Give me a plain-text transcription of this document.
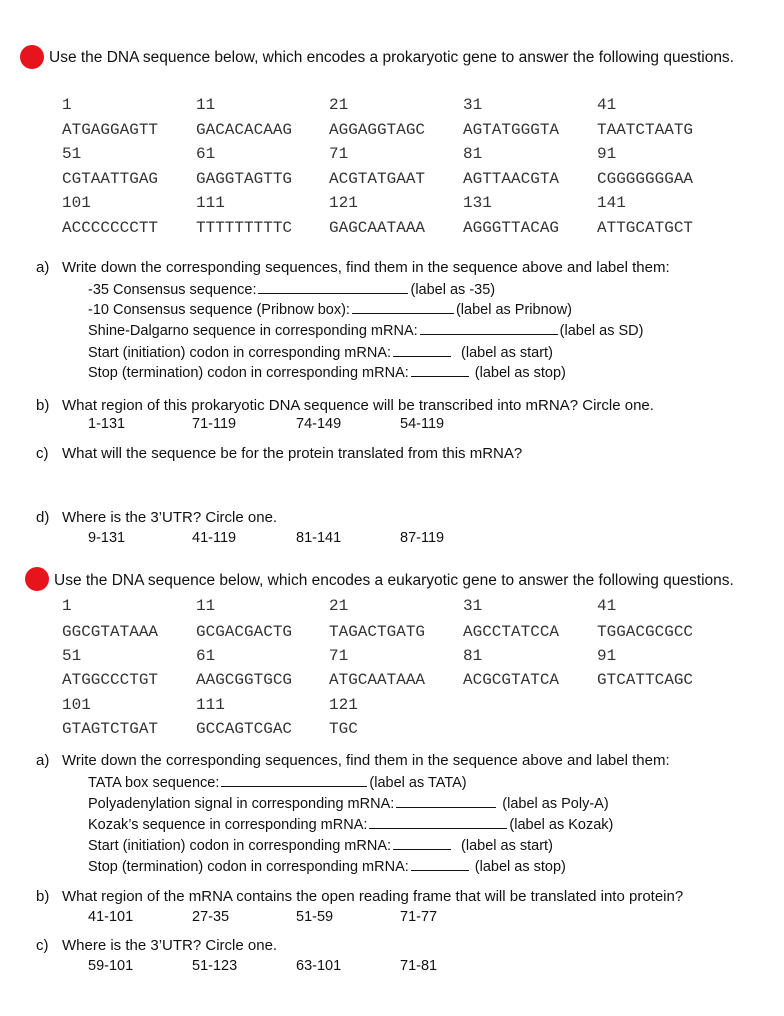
Use the DNA sequence below, which encodes a prokaryotic gene to answer the following questions.
1	11	21	31	41
ATGAGGAGTT GACACACAAG AGGAGGTAGC AGTATGGGTA TAATCTAATG
51	61	71	81	91
CGTAATTGAG GAGGTAGTTG ACGTATGAAT AGTTAACGTA CGGGGGGGAA
101	111	121	131	141
ACCCCCCCTT TTTTTTTTTC GAGCAATAAA AGGGTTACAG ATTGCATGCT
a) Write down the corresponding sequences, find them in the sequence above and label them:
-35 Consensus sequence:	(label as -35)
-10 Consensus sequence (Pribnow box):	(label as Pribnow)
Shine-Dalgarno sequence in corresponding mRNA:	(label as SD)
Start (initiation) codon in corresponding mRNA:	(label as start)
Stop (termination) codon in corresponding mRNA:	(label as stop)
b) What region of this prokaryotic DNA sequence will be transcribed into mRNA? Circle one.
1-131	71-119	74-149	54-119
c) What will the sequence be for the protein translated from this mRNA?
d) Where is the 3’UTR? Circle one.
9-131	41-119	81-141	87-119
Use the DNA sequence below, which encodes a eukaryotic gene to answer the following questions.
1	11	21	31	41
GGCGTATAAA GCGACGACTG TAGACTGATG AGCCTATCCA TGGACGCGCC
51	61	71	81	91
ATGGCCCTGT AAGCGGTGCG ATGCAATAAA ACGCGTATCA GTCATTCAGC
101	111	121
GTAGTCTGAT GCCAGTCGAC TGC
a) Write down the corresponding sequences, find them in the sequence above and label them:
TATA box sequence:	(label as TATA)
Polyadenylation signal in corresponding mRNA:	(label as Poly-A)
Kozak’s sequence in corresponding mRNA:	(label as Kozak)
Start (initiation) codon in corresponding mRNA:	(label as start)
Stop (termination) codon in corresponding mRNA:	(label as stop)
b) What region of the mRNA contains the open reading frame that will be translated into protein?
41-101	27-35	51-59	71-77
c) Where is the 3’UTR? Circle one.
59-101	51-123	63-101	71-81
